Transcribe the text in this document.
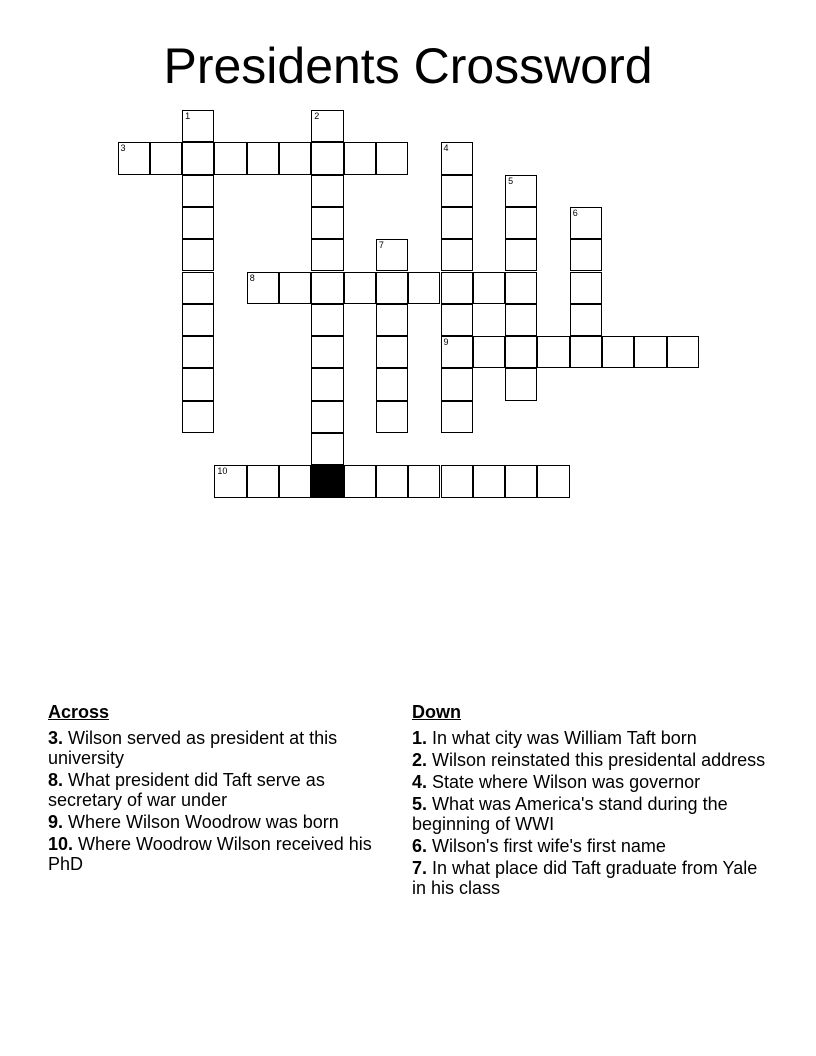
Presidents Crossword
1	2
3	4
9
5
6
7
8
10
Across
3. Wilson served as president at this university
8. What president did Taft serve as secretary of war under
9. Where Wilson Woodrow was born
10. Where Woodrow Wilson received his PhD
Down
1. In what city was William Taft born
2. Wilson reinstated this presidental address
4. State where Wilson was governor
5. What was America's stand during the beginning of WWI
6. Wilson's first wife's first name
7. In what place did Taft graduate from Yale in his class
